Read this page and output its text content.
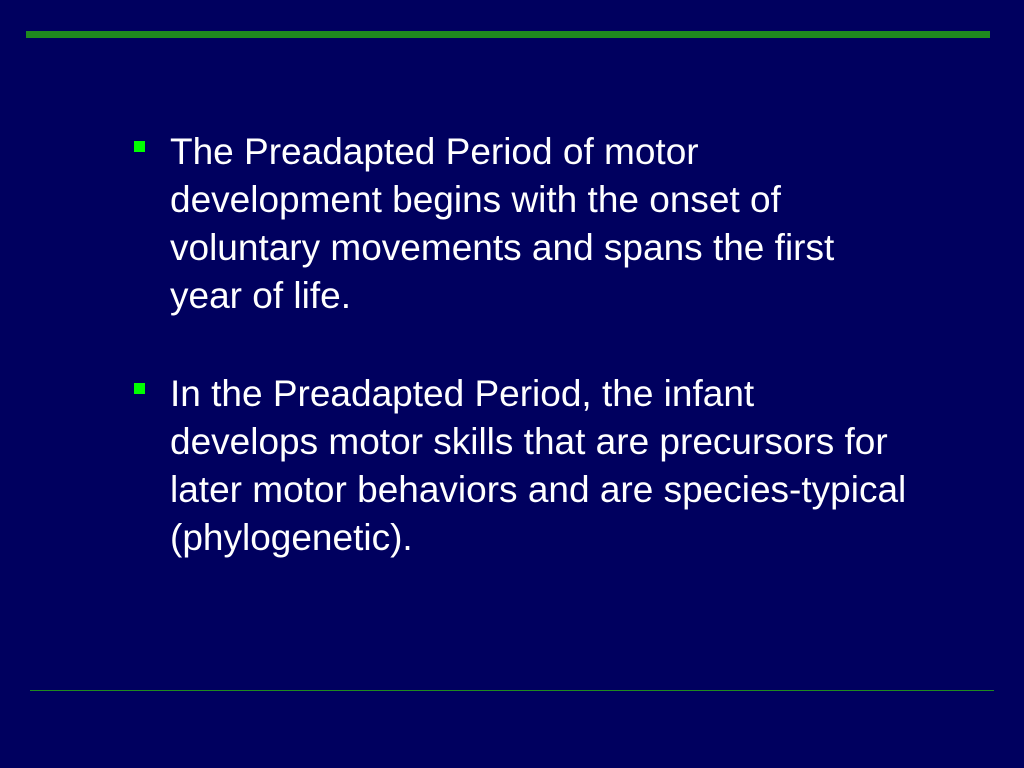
The Preadapted Period of motor development begins with the onset of voluntary movements and spans the first year of life.
In the Preadapted Period, the infant develops motor skills that are precursors for later motor behaviors and are species-typical (phylogenetic).
